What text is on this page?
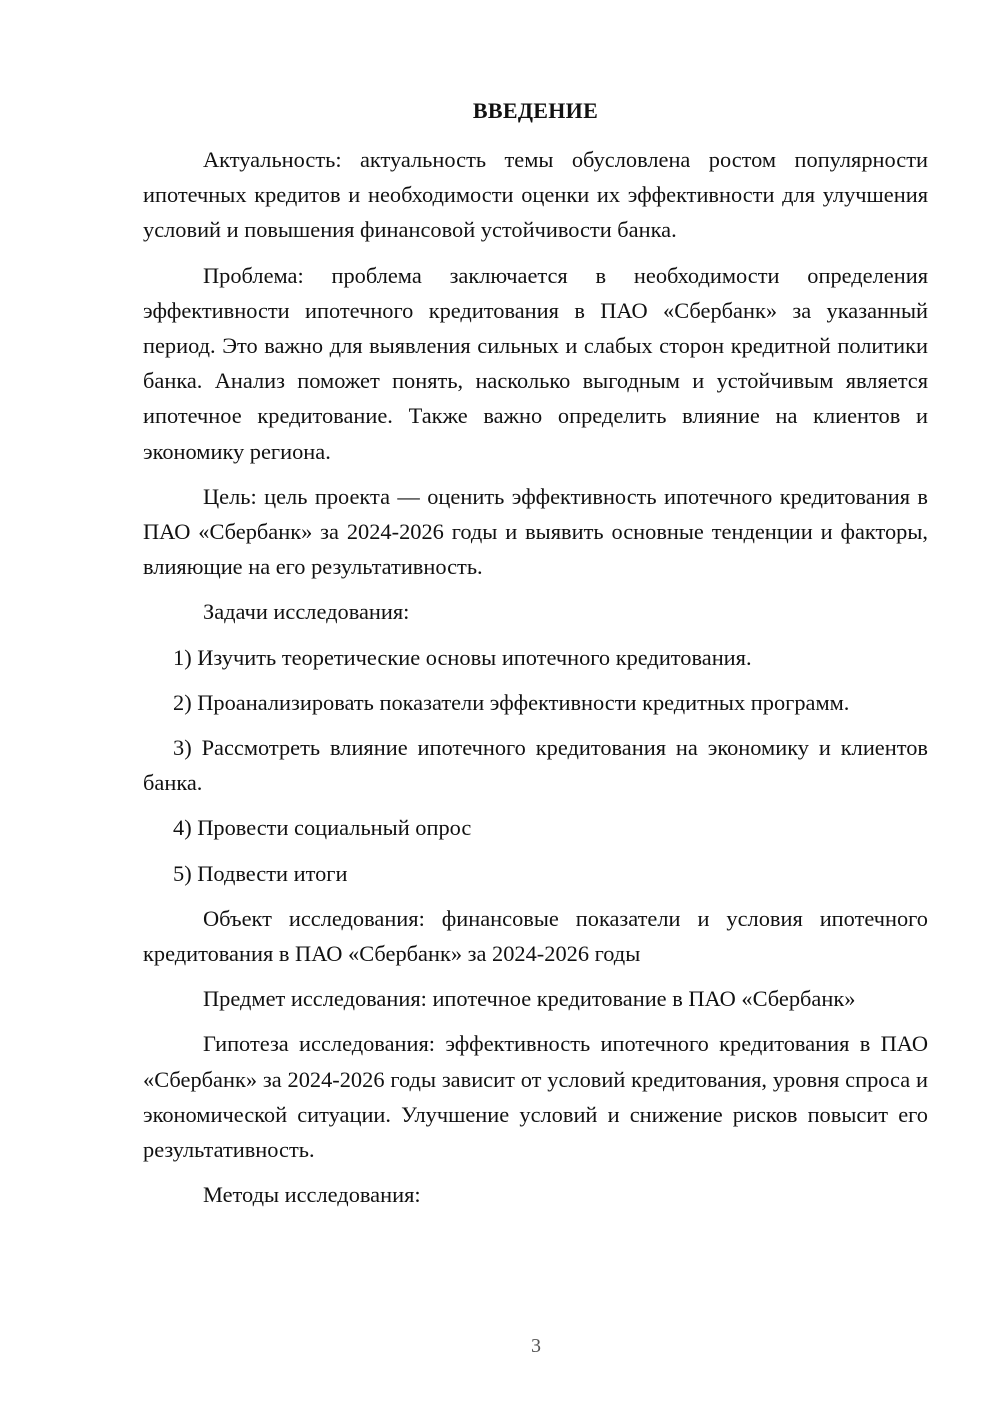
ВВЕДЕНИЕ

Актуальность: актуальность темы обусловлена ростом популярности ипотечных кредитов и необходимости оценки их эффективности для улучшения условий и повышения финансовой устойчивости банка.

Проблема: проблема заключается в необходимости определения эффективности ипотечного кредитования в ПАО «Сбербанк» за указанный период. Это важно для выявления сильных и слабых сторон кредитной политики банка. Анализ поможет понять, насколько выгодным и устойчивым является ипотечное кредитование. Также важно определить влияние на клиентов и экономику региона.

Цель: цель проекта — оценить эффективность ипотечного кредитования в ПАО «Сбербанк» за 2024-2026 годы и выявить основные тенденции и факторы, влияющие на его результативность.

Задачи исследования:

1) Изучить теоретические основы ипотечного кредитования.

2) Проанализировать показатели эффективности кредитных программ.

3) Рассмотреть влияние ипотечного кредитования на экономику и клиентов банка.

4) Провести социальный опрос

5) Подвести итоги

Объект исследования: финансовые показатели и условия ипотечного кредитования в ПАО «Сбербанк» за 2024-2026 годы

Предмет исследования: ипотечное кредитование в ПАО «Сбербанк»

Гипотеза исследования: эффективность ипотечного кредитования в ПАО «Сбербанк» за 2024-2026 годы зависит от условий кредитования, уровня спроса и экономической ситуации. Улучшение условий и снижение рисков повысит его результативность.

Методы исследования:

3
